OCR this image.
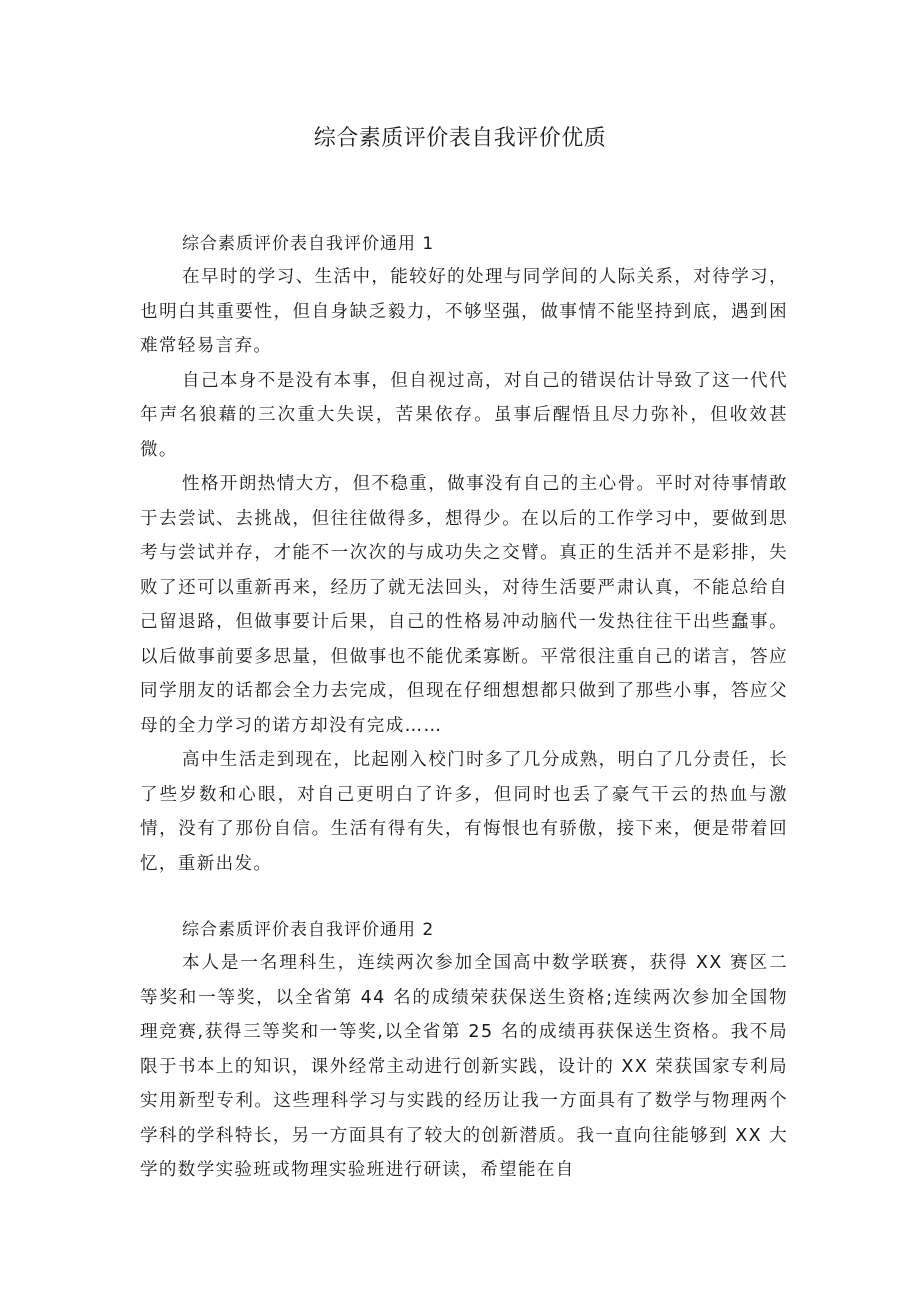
综合素质评价表自我评价优质
综合素质评价表自我评价通用 1

在早时的学习、生活中，能较好的处理与同学间的人际关系，对待学习，也明白其重要性，但自身缺乏毅力，不够坚强，做事情不能坚持到底，遇到困难常轻易言弃。

自己本身不是没有本事，但自视过高，对自己的错误估计导致了这一代代年声名狼藉的三次重大失误，苦果依存。虽事后醒悟且尽力弥补，但收效甚微。

性格开朗热情大方，但不稳重，做事没有自己的主心骨。平时对待事情敢于去尝试、去挑战，但往往做得多，想得少。在以后的工作学习中，要做到思考与尝试并存，才能不一次次的与成功失之交臂。真正的生活并不是彩排，失败了还可以重新再来，经历了就无法回头，对待生活要严肃认真，不能总给自己留退路，但做事要计后果，自己的性格易冲动脑代一发热往往干出些蠢事。以后做事前要多思量，但做事也不能优柔寡断。平常很注重自己的诺言，答应同学朋友的话都会全力去完成，但现在仔细想想都只做到了那些小事，答应父母的全力学习的诺方却没有完成……

高中生活走到现在，比起刚入校门时多了几分成熟，明白了几分责任，长了些岁数和心眼，对自己更明白了许多，但同时也丢了豪气干云的热血与激情，没有了那份自信。生活有得有失，有悔恨也有骄傲，接下来，便是带着回忆，重新出发。

综合素质评价表自我评价通用 2

本人是一名理科生，连续两次参加全国高中数学联赛，获得 XX 赛区二等奖和一等奖，以全省第 44 名的成绩荣获保送生资格;连续两次参加全国物理竞赛,获得三等奖和一等奖,以全省第 25 名的成绩再获保送生资格。我不局限于书本上的知识，课外经常主动进行创新实践，设计的 XX 荣获国家专利局实用新型专利。这些理科学习与实践的经历让我一方面具有了数学与物理两个学科的学科特长，另一方面具有了较大的创新潜质。我一直向往能够到 XX 大学的数学实验班或物理实验班进行研读，希望能在自
